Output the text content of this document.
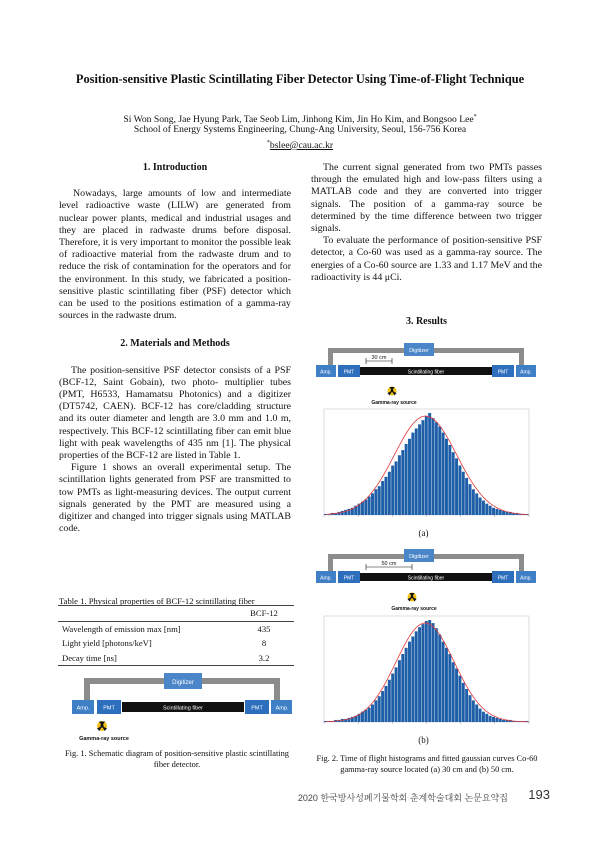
Position-sensitive Plastic Scintillating Fiber Detector Using Time-of-Flight Technique
Si Won Song, Jae Hyung Park, Tae Seob Lim, Jinhong Kim, Jin Ho Kim, and Bongsoo Lee*
School of Energy Systems Engineering, Chung-Ang University, Seoul, 156-756 Korea
*bslee@cau.ac.kr
1. Introduction

Nowadays, large amounts of low and intermediate level radioactive waste (LILW) are generated from nuclear power plants, medical and industrial usages and they are placed in radwaste drums before disposal. Therefore, it is very important to monitor the possible leak of radioactive material from the radwaste drum and to reduce the risk of contamination for the operators and for the environment. In this study, we fabricated a position-sensitive plastic scintillating fiber (PSF) detector which can be used to the positions estimation of a gamma-ray sources in the radwaste drum.

2. Materials and Methods

The position-sensitive PSF detector consists of a PSF (BCF-12, Saint Gobain), two photo- multiplier tubes (PMT, H6533, Hamamatsu Photonics) and a digitizer (DT5742, CAEN). BCF-12 has core/cladding structure and its outer diameter and length are 3.0 mm and 1.0 m, respectively. This BCF-12 scintillating fiber can emit blue light with peak wavelengths of 435 nm [1]. The physical properties of the BCF-12 are listed in Table 1.

Figure 1 shows an overall experimental setup. The scintillation lights generated from PSF are transmitted to tow PMTs as light-measuring devices. The output current signals generated by the PMT are measured using a digitizer and changed into trigger signals using MATLAB code.

Table 1. Physical properties of BCF-12 scintillating fiber
	BCF-12
Wavelength of emission max [nm]	435
Light yield [photons/keV]	8
Decay time [ns]	3.2
Digitizer
Amp.	PMT	Scintillating fiber	PMT Amp.
Gamma-ray source
Fig. 1. Schematic diagram of position-sensitive plastic scintillating fiber detector.

The current signal generated from two PMTs passes through the emulated high and low-pass filters using a MATLAB code and they are converted into trigger signals. The position of a gamma-ray source be determined by the time difference between two trigger signals.

To evaluate the performance of position-sensitive PSF detector, a Co-60 was used as a gamma-ray source. The energies of a Co-60 source are 1.33 and 1.17 MeV and the radioactivity is 44 μCi.

3. Results
Digitizer
30 cm
Amp. PMT	Scintillating fiber	PMT Amp.
Gamma-ray source
(a)
Digitizer
50 cm
Amp. PMT	Scintillating fiber	PMT Amp.
Gamma-ray source
(b)
Fig. 2. Time of flight histograms and fitted gaussian curves Co-60 gamma-ray source located (a) 30 cm and (b) 50 cm.
2020 한국방사성폐기물학회 춘계학술대회 논문요약집 193
